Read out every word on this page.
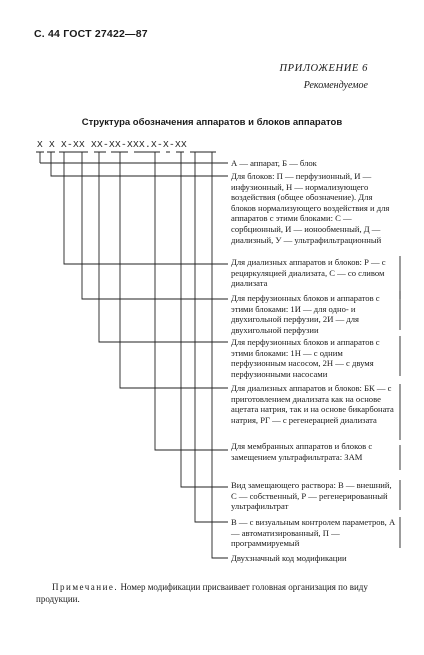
С. 44 ГОСТ 27422—87
ПРИЛОЖЕНИЕ 6
Рекомендуемое
Структура обозначения аппаратов и блоков аппаратов
X X X-XX XX-XX-XXX.X-X-XX
А — аппарат, Б — блок
Для блоков: П — перфузионный, И — инфузионный, Н — нормализующего воздействия (общее обозначение). Для блоков нормализующего воздействия и для аппаратов с этими блоками: С — сорбционный, И — ионообменный, Д — диализный, У — ультрафильтрационный
Для диализных аппаратов и блоков: Р — с рециркуляцией диализата, С — со сливом диализата
Для перфузионных блоков и аппаратов с этими блоками: 1И — для одно- и двухигольной перфузии, 2И — для двухигольной перфузии
Для перфузионных блоков и аппаратов с этими блоками: 1Н — с одним перфузионным насосом, 2Н — с двумя перфузионными насосами
Для диализных аппаратов и блоков: БК — с приготовлением диализата как на основе ацетата натрия, так и на основе бикарбоната натрия, РГ — с регенерацией диализата
Для мембранных аппаратов и блоков с замещением ультрафильтрата: ЗАМ
Вид замещающего раствора: В — внешний, С — собственный, Р — регенерированный ультрафильтрат
В — с визуальным контролем параметров, А — автоматизированный, П — программируемый
Двухзначный код модификации
Примечание. Номер модификации присваивает головная организация по виду продукции.
